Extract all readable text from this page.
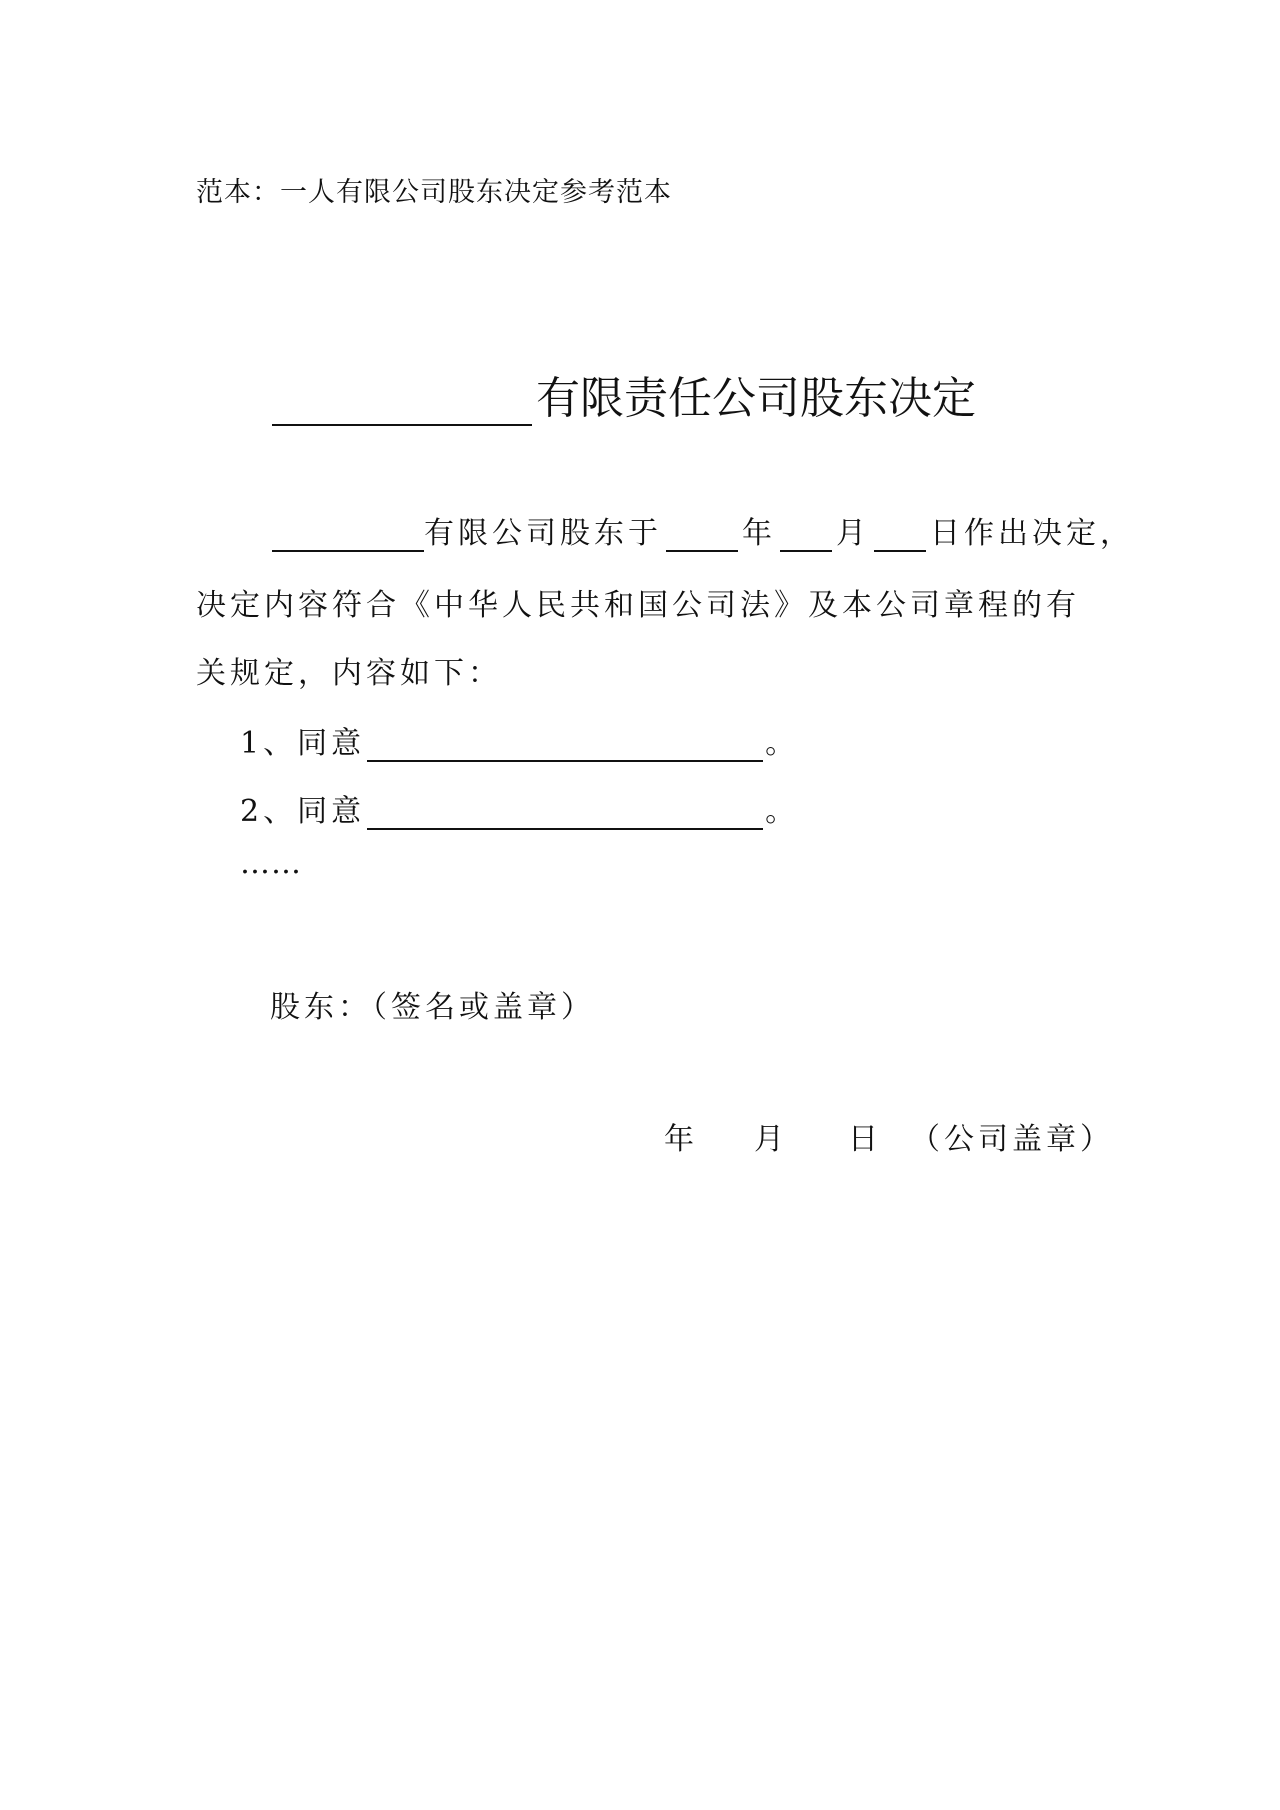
范本：一人有限公司股东决定参考范本
有限责任公司股东决定
有限公司股东于	年 月 日作出决定，
决定内容符合《中华人民共和国公司法》及本公司章程的有
关规定，内容如下：
1、同意	。
2、同意	。
……
股东：（签名或盖章）
年 月 日 （公司盖章）
